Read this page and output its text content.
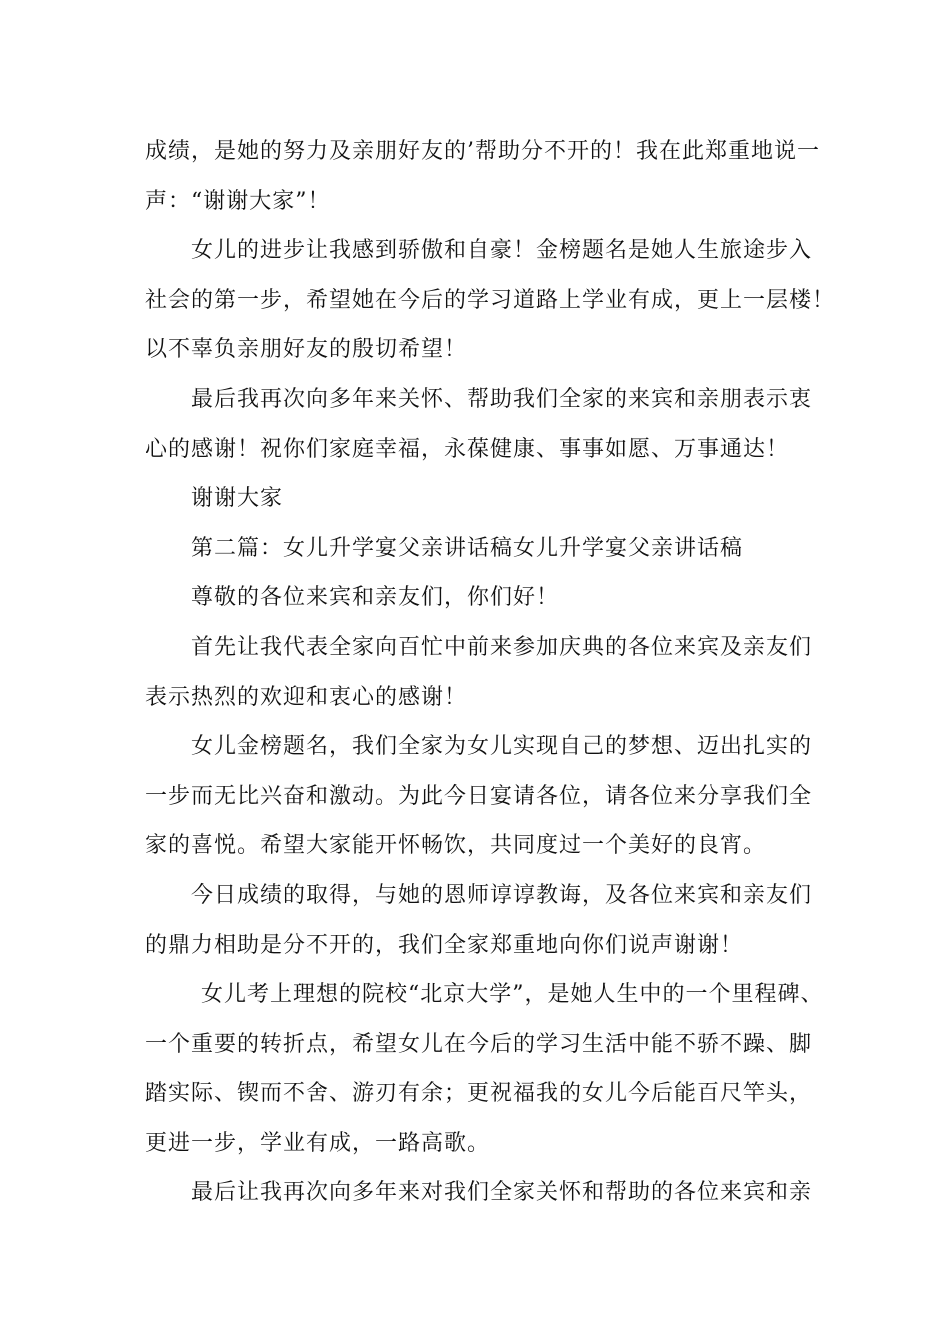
成绩，是她的努力及亲朋好友的’帮助分不开的！我在此郑重地说一
声：“谢谢大家”！
女儿的进步让我感到骄傲和自豪！金榜题名是她人生旅途步入
社会的第一步，希望她在今后的学习道路上学业有成，更上一层楼！
以不辜负亲朋好友的殷切希望！
最后我再次向多年来关怀、帮助我们全家的来宾和亲朋表示衷
心的感谢！祝你们家庭幸福，永葆健康、事事如愿、万事通达！
谢谢大家
第二篇：女儿升学宴父亲讲话稿女儿升学宴父亲讲话稿
尊敬的各位来宾和亲友们，你们好！
首先让我代表全家向百忙中前来参加庆典的各位来宾及亲友们
表示热烈的欢迎和衷心的感谢！
女儿金榜题名，我们全家为女儿实现自己的梦想、迈出扎实的
一步而无比兴奋和激动。为此今日宴请各位，请各位来分享我们全
家的喜悦。希望大家能开怀畅饮，共同度过一个美好的良宵。
今日成绩的取得，与她的恩师谆谆教诲，及各位来宾和亲友们
的鼎力相助是分不开的，我们全家郑重地向你们说声谢谢！
女儿考上理想的院校“北京大学”，是她人生中的一个里程碑、
一个重要的转折点，希望女儿在今后的学习生活中能不骄不躁、脚
踏实际、锲而不舍、游刃有余；更祝福我的女儿今后能百尺竿头，
更进一步，学业有成，一路高歌。
最后让我再次向多年来对我们全家关怀和帮助的各位来宾和亲
